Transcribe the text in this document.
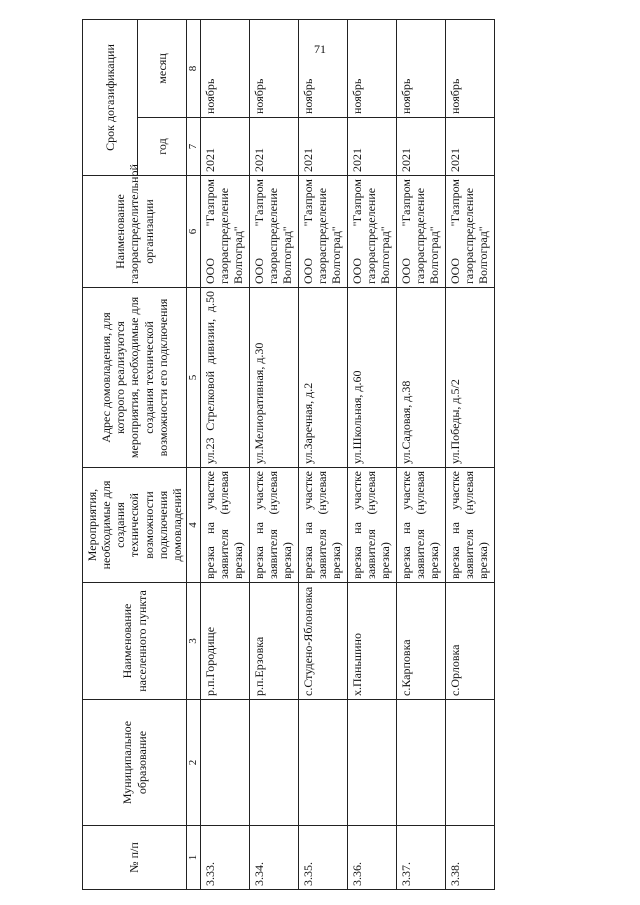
71
№ п/п	Муниципальное образование	Наименование населенного пункта	Мероприятия, необходимые для создания технической возможности подключения домовладений	Адрес домовладения, для которого реализуются мероприятия, необходимые для создания технической возможности его подключения	Наименование газораспределительной организации	Срок догазификации	
						год	месяц
1	2	3	4	5	6	7	8
3.33.		р.п.Городище	врезка на участке заявителя (нулевая врезка)	ул.23 Стрелковой дивизии, д.50	ООО "Газпром газораспределение Волгоград"	2021	ноябрь
3.34.		р.п.Ерзовка	врезка на участке заявителя (нулевая врезка)	ул.Мелиоративная, д.30	ООО "Газпром газораспределение Волгоград"	2021	ноябрь
3.35.		с.Студено-Яблоновка	врезка на участке заявителя (нулевая врезка)	ул.Заречная, д.2	ООО "Газпром газораспределение Волгоград"	2021	ноябрь
3.36.		х.Паньшино	врезка на участке заявителя (нулевая врезка)	ул.Школьная, д.60	ООО "Газпром газораспределение Волгоград"	2021	ноябрь
3.37.		с.Карповка	врезка на участке заявителя (нулевая врезка)	ул.Садовая, д.38	ООО "Газпром газораспределение Волгоград"	2021	ноябрь
3.38.		с.Орловка	врезка на участке заявителя (нулевая врезка)	ул.Победы, д.5/2	ООО "Газпром газораспределение Волгоград"	2021	ноябрь
